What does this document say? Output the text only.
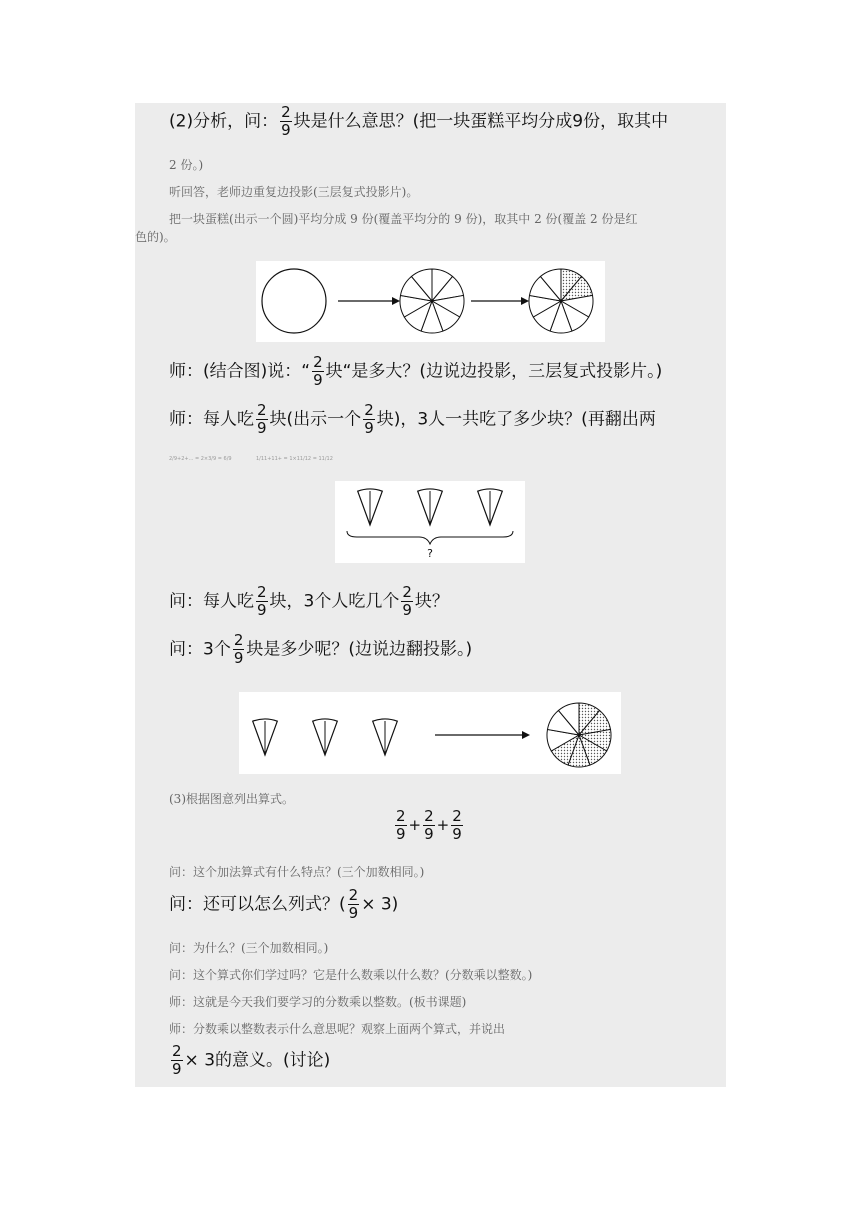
(2)分析，问： $\frac{2}{9}$ 块是什么意思？(把一块蛋糕平均分成9份，取其中
2 份。)
听回答，老师边重复边投影(三层复式投影片)。
把一块蛋糕(出示一个圆)平均分成 9 份(覆盖平均分的 9 份)，取其中 2 份(覆盖 2 份是红
色的)。
师：(结合图)说：“ $\frac{2}{9}$ 块“是多大？(边说边投影，三层复式投影片。)
师：每人吃 $\frac{2}{9}$ 块(出示一个 $\frac{2}{9}$ 块)，3人一共吃了多少块？(再翻出两
2/9+2+... = 2×3/9 = 6/9	1/11+11+ = 1×11/12 = 11/12
?
问：每人吃 $\frac{2}{9}$ 块，3个人吃几个 $\frac{2}{9}$ 块？
问：3个 $\frac{2}{9}$ 块是多少呢？(边说边翻投影。)
(3)根据图意列出算式。
$\frac{2}{9} + \frac{2}{9} + \frac{2}{9}$
问：这个加法算式有什么特点？(三个加数相同。)
问：还可以怎么列式？( $\frac{2}{9} \times 3$)
问：为什么？(三个加数相同。)
问：这个算式你们学过吗？它是什么数乘以什么数？(分数乘以整数。)
师：这就是今天我们要学习的分数乘以整数。(板书课题)
师：分数乘以整数表示什么意思呢？观察上面两个算式，并说出
$\frac{2}{9} \times 3$的意义。(讨论)
